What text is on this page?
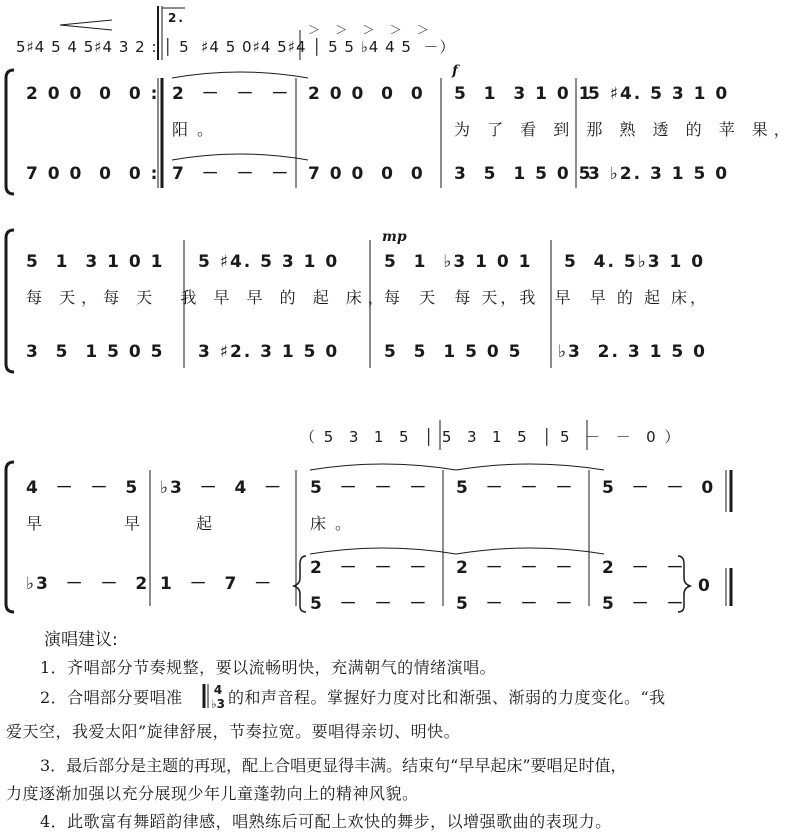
5♯4 5 4 5♯4 3 2 : │ 5  ♯4 5 0♯4 5♯4 │ 5 5 ♭4 4 5  －）
2.
＞ ＞ ＞ ＞ ＞
f
2 0 0  0  0 : 2  －  －  － 2 0 0  0  0 5  1  3 1 0 1
5 ♯4. 5 3 1 0
阳。	为 了 看 到 那 熟 透 的 苹 果，
7 0 0  0  0 : 7  －  －  － 7 0 0  0  0 3  5  1 5 0 5
3 ♭2. 3 1 5 0
mp
5  1  3 1 0 1 5 ♯4. 5 3 1 0	5  1  ♭3 1 0 1 5  4. 5♭3 1 0
每 天，每 天  我 早 早 的 起 床，
每  天  每 天，我  早  早 的 起 床，
3  5  1 5 0 5 3 ♯2. 3 1 5 0	5  5  1 5 0 5 ♭3  2. 3 1 5 0
（ 5  3  1  5  │ 5  3  1  5  │ 5  －  －  0 ）
4  －  －  5 ♭3  －  4  － 5  －  －  － 5  －  －  － 5  －  －  0
早	早	起	床。
♭3  －  －  2 1  －  7  －
2  －  －  － 2  －  －  － 2  －  －
5  －  －  － 5  －  －  － 5  －  －
0
演唱建议:
1．齐唱部分节奏规整，要以流畅明快，充满朝气的情绪演唱。
2．合唱部分要唱准	4
♭3 的和声音程。掌握好力度对比和渐强、渐弱的力度变化。“我
爱天空，我爱太阳”旋律舒展，节奏拉宽。要唱得亲切、明快。
3．最后部分是主题的再现，配上合唱更显得丰满。结束句“早早起床”要唱足时值，
力度逐渐加强以充分展现少年儿童蓬勃向上的精神风貌。
4．此歌富有舞蹈韵律感，唱熟练后可配上欢快的舞步，以增强歌曲的表现力。
